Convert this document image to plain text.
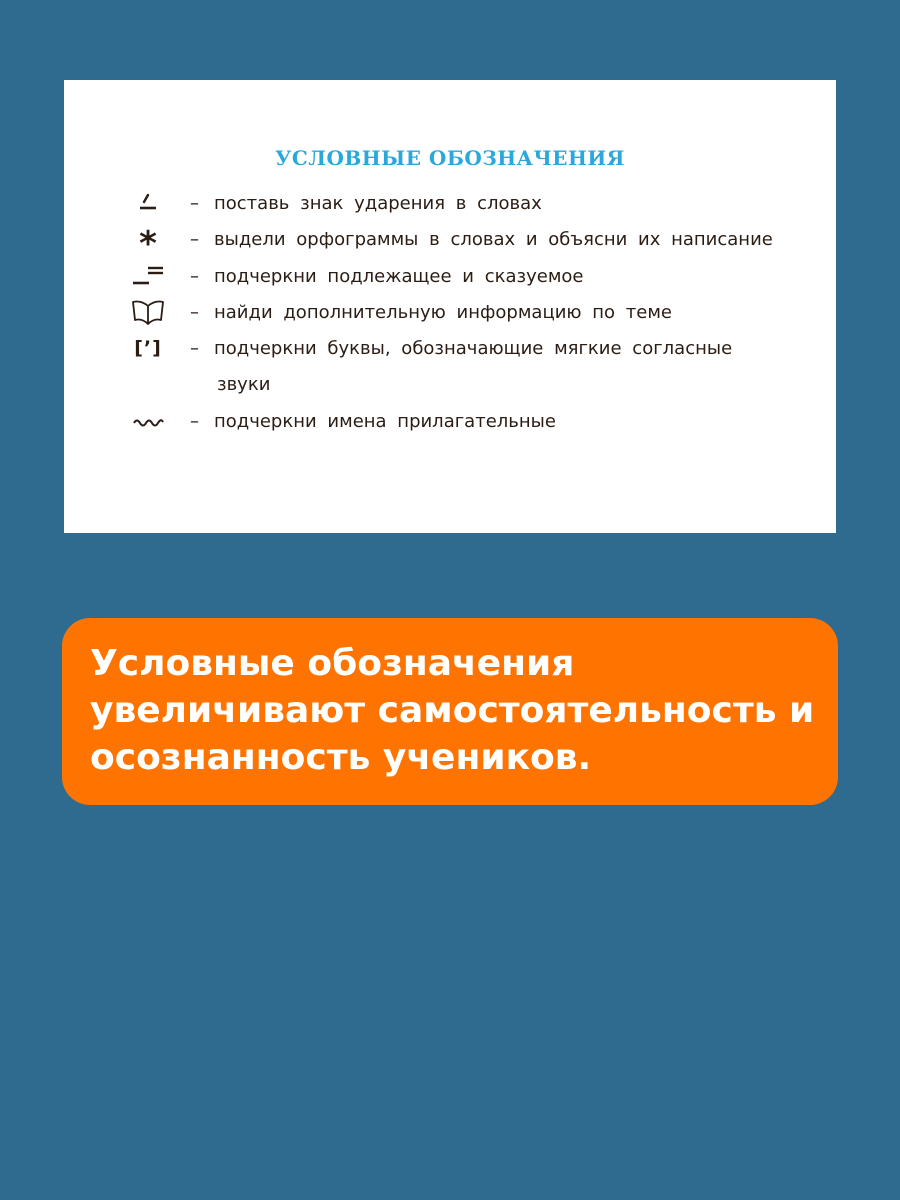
УСЛОВНЫЕ ОБОЗНАЧЕНИЯ
– поставь знак ударения в словах
* – выдели орфограммы в словах и объясни их написание
– подчеркни подлежащее и сказуемое
– найди дополнительную информацию по теме
[’] – подчеркни буквы, обозначающие мягкие согласные
звуки
– подчеркни имена прилагательные
Условные обозначения увеличивают самостоятельность и осознанность учеников.
